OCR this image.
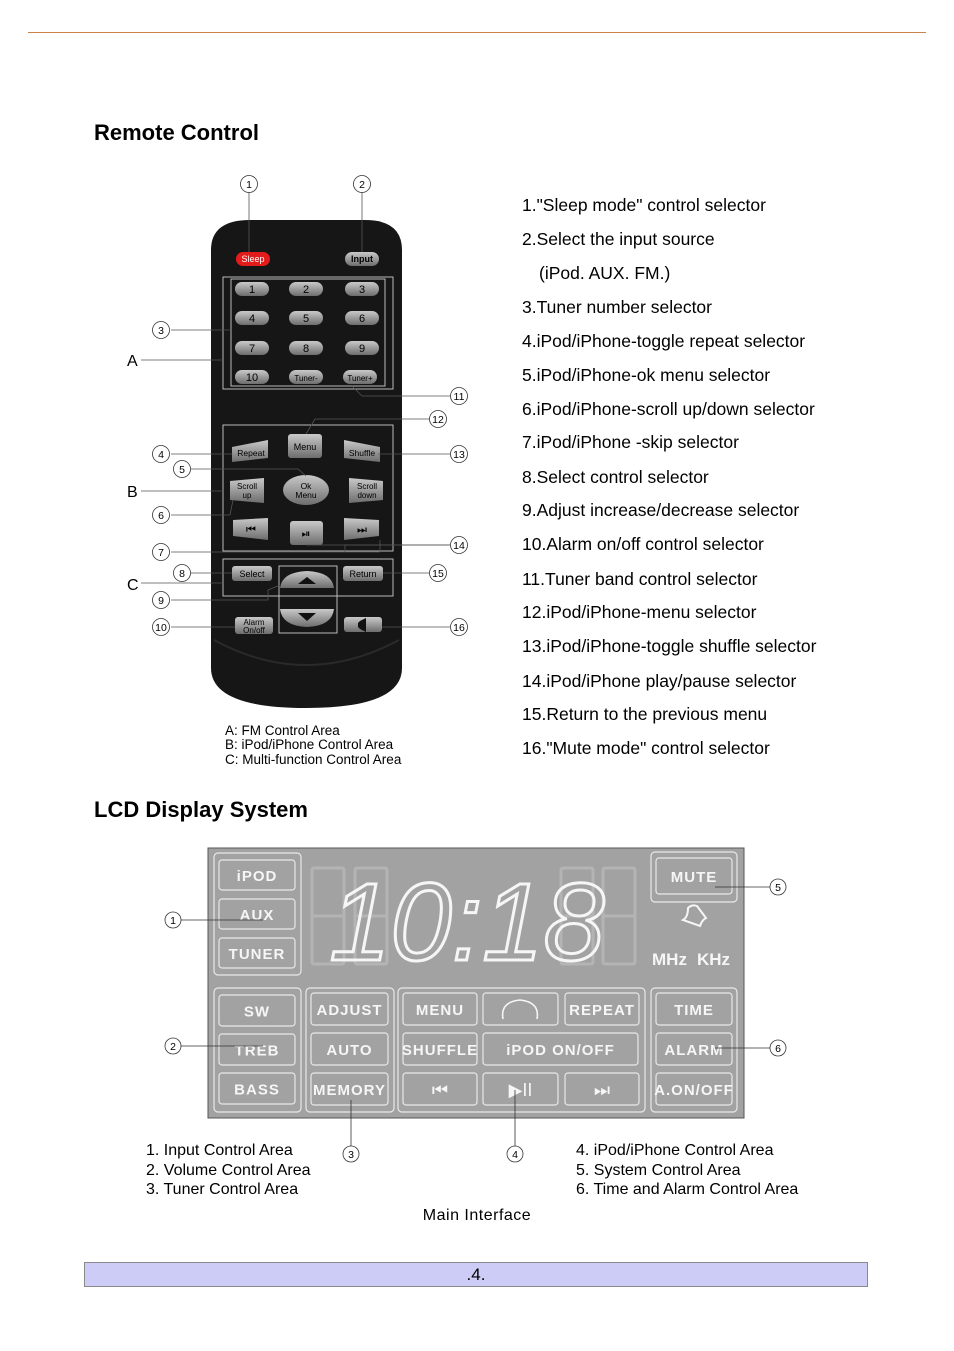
Remote Control
Sleep	Input
1	2	3
4	5	6
7	8	9
10	Tuner-	Tuner+
Menu
Repeat	Shuffle
Ok
Menu
Scroll
up
Scroll
down
⏮	⏯	⏭
Select	Return
Alarm
On/off
1	2
3
4
5
6
7
8
9
10
11
12
13
14
15
16
A
B
C
A: FM Control Area
B: iPod/iPhone Control Area
C: Multi-function Control Area
1."Sleep mode" control selector
2.Select the input source
(iPod. AUX. FM.)
3.Tuner number selector
4.iPod/iPhone-toggle repeat selector
5.iPod/iPhone-ok menu selector
6.iPod/iPhone-scroll up/down selector
7.iPod/iPhone -skip selector
8.Select control selector
9.Adjust increase/decrease selector
10.Alarm on/off control selector
11.Tuner band control selector
12.iPod/iPhone-menu selector
13.iPod/iPhone-toggle shuffle selector
14.iPod/iPhone play/pause selector
15.Return to the previous menu
16."Mute mode" control selector
LCD Display System
iPOD
AUX
TUNER
MUTE
SW
TREB
BASS
ADJUST
AUTO
MEMORY
MENU	REPEAT
SHUFFLE iPOD ON/OFF
⏮	▶II	⏭
TIME
ALARM
A.ON/OFF
10:18	MHz KHz
1
2
3	4
5
6
1. Input Control Area
2. Volume Control Area
3. Tuner Control Area
4. iPod/iPhone Control Area
5. System Control Area
6. Time and Alarm Control Area
Main Interface
.4.
